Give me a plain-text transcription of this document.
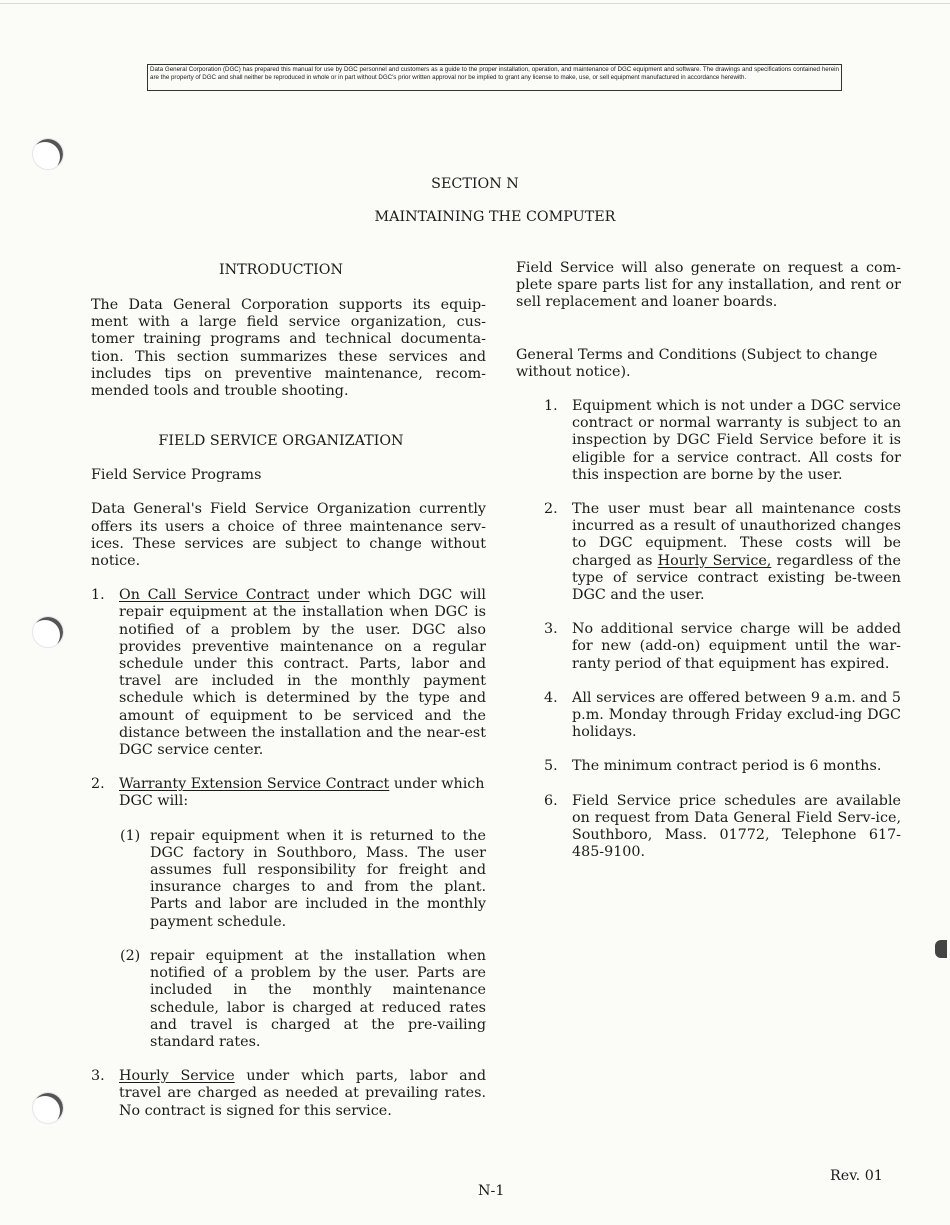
Data General Corporation (DGC) has prepared this manual for use by DGC personnel and customers as a guide to the proper installation, operation, and maintenance of DGC equipment and software. The drawings and specifications contained herein are the property of DGC and shall neither be reproduced in whole or in part without DGC's prior written approval nor be implied to grant any license to make, use, or sell equipment manufactured in accordance herewith.
SECTION N
MAINTAINING THE COMPUTER
INTRODUCTION

The Data General Corporation supports its equip-ment with a large field service organization, cus-tomer training programs and technical documenta-tion. This section summarizes these services and includes tips on preventive maintenance, recom-mended tools and trouble shooting.

FIELD SERVICE ORGANIZATION

Field Service Programs

Data General's Field Service Organization currently offers its users a choice of three maintenance serv-ices. These services are subject to change without notice.

1. On Call Service Contract under which DGC will repair equipment at the installation when DGC is notified of a problem by the user. DGC also provides preventive maintenance on a regular schedule under this contract. Parts, labor and travel are included in the monthly payment schedule which is determined by the type and amount of equipment to be serviced and the distance between the installation and the near-est DGC service center.

2. Warranty Extension Service Contract under which DGC will:

(1) repair equipment when it is returned to the DGC factory in Southboro, Mass. The user assumes full responsibility for freight and insurance charges to and from the plant. Parts and labor are included in the monthly payment schedule.

(2) repair equipment at the installation when notified of a problem by the user. Parts are included in the monthly maintenance schedule, labor is charged at reduced rates and travel is charged at the pre-vailing standard rates.

3. Hourly Service under which parts, labor and travel are charged as needed at prevailing rates. No contract is signed for this service.

Field Service will also generate on request a com-plete spare parts list for any installation, and rent or sell replacement and loaner boards.

General Terms and Conditions (Subject to change without notice).

1. Equipment which is not under a DGC service contract or normal warranty is subject to an inspection by DGC Field Service before it is eligible for a service contract. All costs for this inspection are borne by the user.

2. The user must bear all maintenance costs incurred as a result of unauthorized changes to DGC equipment. These costs will be charged as Hourly Service, regardless of the type of service contract existing be-tween DGC and the user.

3. No additional service charge will be added for new (add-on) equipment until the war-ranty period of that equipment has expired.

4. All services are offered between 9 a.m. and 5 p.m. Monday through Friday exclud-ing DGC holidays.

5. The minimum contract period is 6 months.

6. Field Service price schedules are available on request from Data General Field Serv-ice, Southboro, Mass. 01772, Telephone 617-485-9100.

N-1
Rev. 01
